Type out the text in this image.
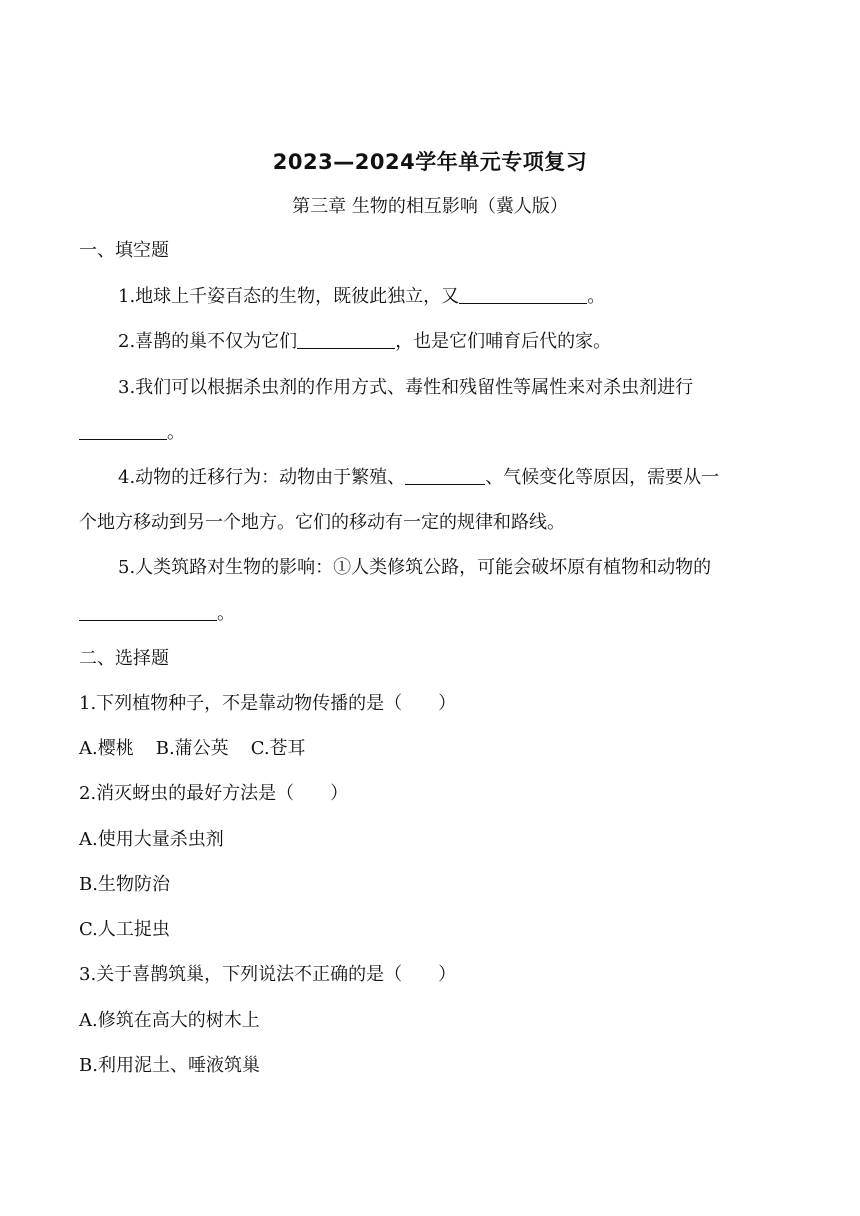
2023—2024学年单元专项复习
第三章 生物的相互影响（冀人版）
一、填空题
1.地球上千姿百态的生物，既彼此独立，又	。
2.喜鹊的巢不仅为它们	，也是它们哺育后代的家。
3.我们可以根据杀虫剂的作用方式、毒性和残留性等属性来对杀虫剂进行
。
4.动物的迁移行为：动物由于繁殖、	、气候变化等原因，需要从一
个地方移动到另一个地方。它们的移动有一定的规律和路线。
5.人类筑路对生物的影响：①人类修筑公路，可能会破坏原有植物和动物的
。
二、选择题
1.下列植物种子，不是靠动物传播的是（　　）
A.樱桃 B.蒲公英 C.苍耳
2.消灭蚜虫的最好方法是（　　）
A.使用大量杀虫剂
B.生物防治
C.人工捉虫
3.关于喜鹊筑巢，下列说法不正确的是（　　）
A.修筑在高大的树木上
B.利用泥土、唾液筑巢
